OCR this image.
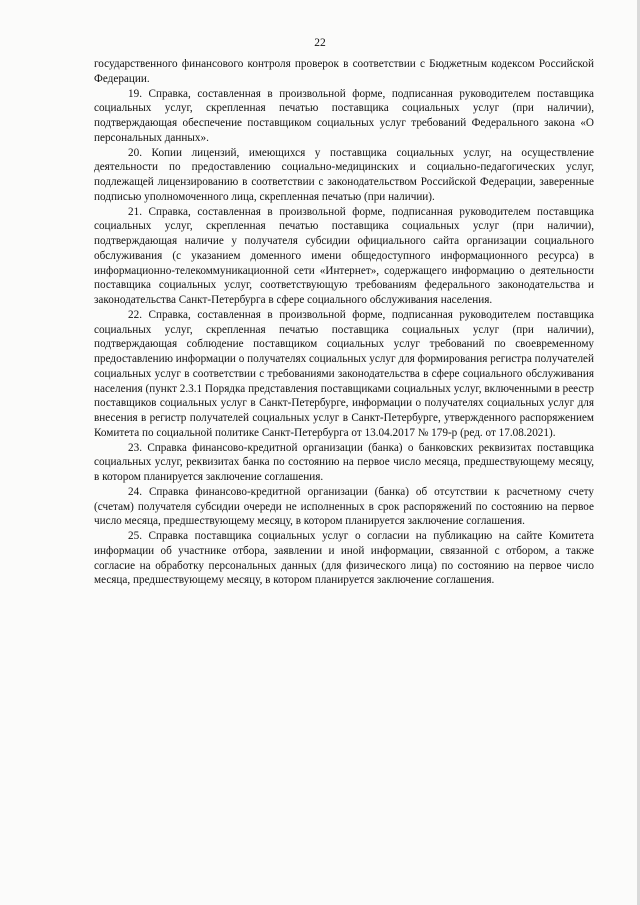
22

государственного финансового контроля проверок в соответствии с Бюджетным кодексом Российской Федерации.

19. Справка, составленная в произвольной форме, подписанная руководителем поставщика социальных услуг, скрепленная печатью поставщика социальных услуг (при наличии), подтверждающая обеспечение поставщиком социальных услуг требований Федерального закона «О персональных данных».

20. Копии лицензий, имеющихся у поставщика социальных услуг, на осуществление деятельности по предоставлению социально-медицинских и социально-педагогических услуг, подлежащей лицензированию в соответствии с законодательством Российской Федерации, заверенные подписью уполномоченного лица, скрепленная печатью (при наличии).

21. Справка, составленная в произвольной форме, подписанная руководителем поставщика социальных услуг, скрепленная печатью поставщика социальных услуг (при наличии), подтверждающая наличие у получателя субсидии официального сайта организации социального обслуживания (с указанием доменного имени общедоступного информационного ресурса) в информационно-телекоммуникационной сети «Интернет», содержащего информацию о деятельности поставщика социальных услуг, соответствующую требованиям федерального законодательства и законодательства Санкт-Петербурга в сфере социального обслуживания населения.

22. Справка, составленная в произвольной форме, подписанная руководителем поставщика социальных услуг, скрепленная печатью поставщика социальных услуг (при наличии), подтверждающая соблюдение поставщиком социальных услуг требований по своевременному предоставлению информации о получателях социальных услуг для формирования регистра получателей социальных услуг в соответствии с требованиями законодательства в сфере социального обслуживания населения (пункт 2.3.1 Порядка представления поставщиками социальных услуг, включенными в реестр поставщиков социальных услуг в Санкт-Петербурге, информации о получателях социальных услуг для внесения в регистр получателей социальных услуг в Санкт-Петербурге, утвержденного распоряжением Комитета по социальной политике Санкт-Петербурга от 13.04.2017 № 179-р (ред. от 17.08.2021).

23. Справка финансово-кредитной организации (банка) о банковских реквизитах поставщика социальных услуг, реквизитах банка по состоянию на первое число месяца, предшествующему месяцу, в котором планируется заключение соглашения.

24. Справка финансово-кредитной организации (банка) об отсутствии к расчетному счету (счетам) получателя субсидии очереди не исполненных в срок распоряжений по состоянию на первое число месяца, предшествующему месяцу, в котором планируется заключение соглашения.

25. Справка поставщика социальных услуг о согласии на публикацию на сайте Комитета информации об участнике отбора, заявлении и иной информации, связанной с отбором, а также согласие на обработку персональных данных (для физического лица) по состоянию на первое число месяца, предшествующему месяцу, в котором планируется заключение соглашения.
